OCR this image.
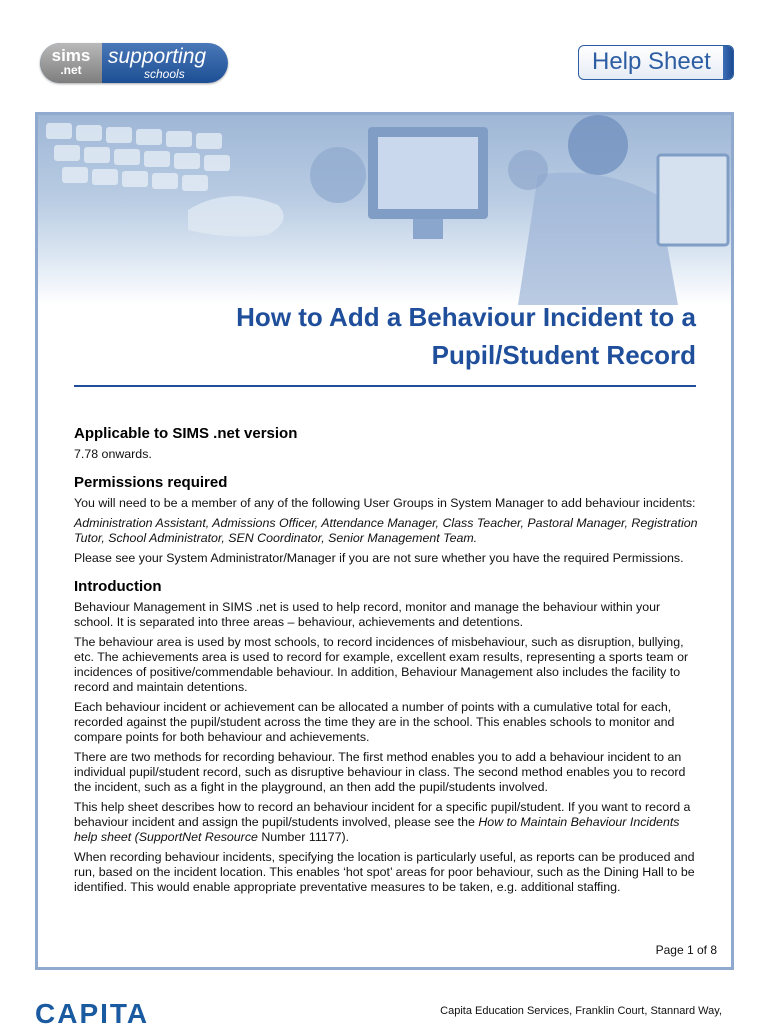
sims
.net
supporting
schools	Help Sheet
How to Add a Behaviour Incident to a
Pupil/Student Record
Applicable to SIMS .net version

7.78 onwards.

Permissions required

You will need to be a member of any of the following User Groups in System Manager to add behaviour incidents:

Administration Assistant, Admissions Officer, Attendance Manager, Class Teacher, Pastoral Manager, Registration Tutor, School Administrator, SEN Coordinator, Senior Management Team.

Please see your System Administrator/Manager if you are not sure whether you have the required Permissions.

Introduction

Behaviour Management in SIMS .net is used to help record, monitor and manage the behaviour within your school. It is separated into three areas – behaviour, achievements and detentions.

The behaviour area is used by most schools, to record incidences of misbehaviour, such as disruption, bullying, etc. The achievements area is used to record for example, excellent exam results, representing a sports team or incidences of positive/commendable behaviour. In addition, Behaviour Management also includes the facility to record and maintain detentions.

Each behaviour incident or achievement can be allocated a number of points with a cumulative total for each, recorded against the pupil/student across the time they are in the school. This enables schools to monitor and compare points for both behaviour and achievements.

There are two methods for recording behaviour. The first method enables you to add a behaviour incident to an individual pupil/student record, such as disruptive behaviour in class. The second method enables you to record the incident, such as a fight in the playground, an then add the pupil/students involved.

This help sheet describes how to record an behaviour incident for a specific pupil/student. If you want to record a behaviour incident and assign the pupil/students involved, please see the How to Maintain Behaviour Incidents help sheet (SupportNet Resource Number 11177).

When recording behaviour incidents, specifying the location is particularly useful, as reports can be produced and run, based on the incident location. This enables ‘hot spot’ areas for poor behaviour, such as the Dining Hall to be identified. This would enable appropriate preventative measures to be taken, e.g. additional staffing.

Page 1 of 8
CAPITA	Capita Education Services, Franklin Court, Stannard Way,
